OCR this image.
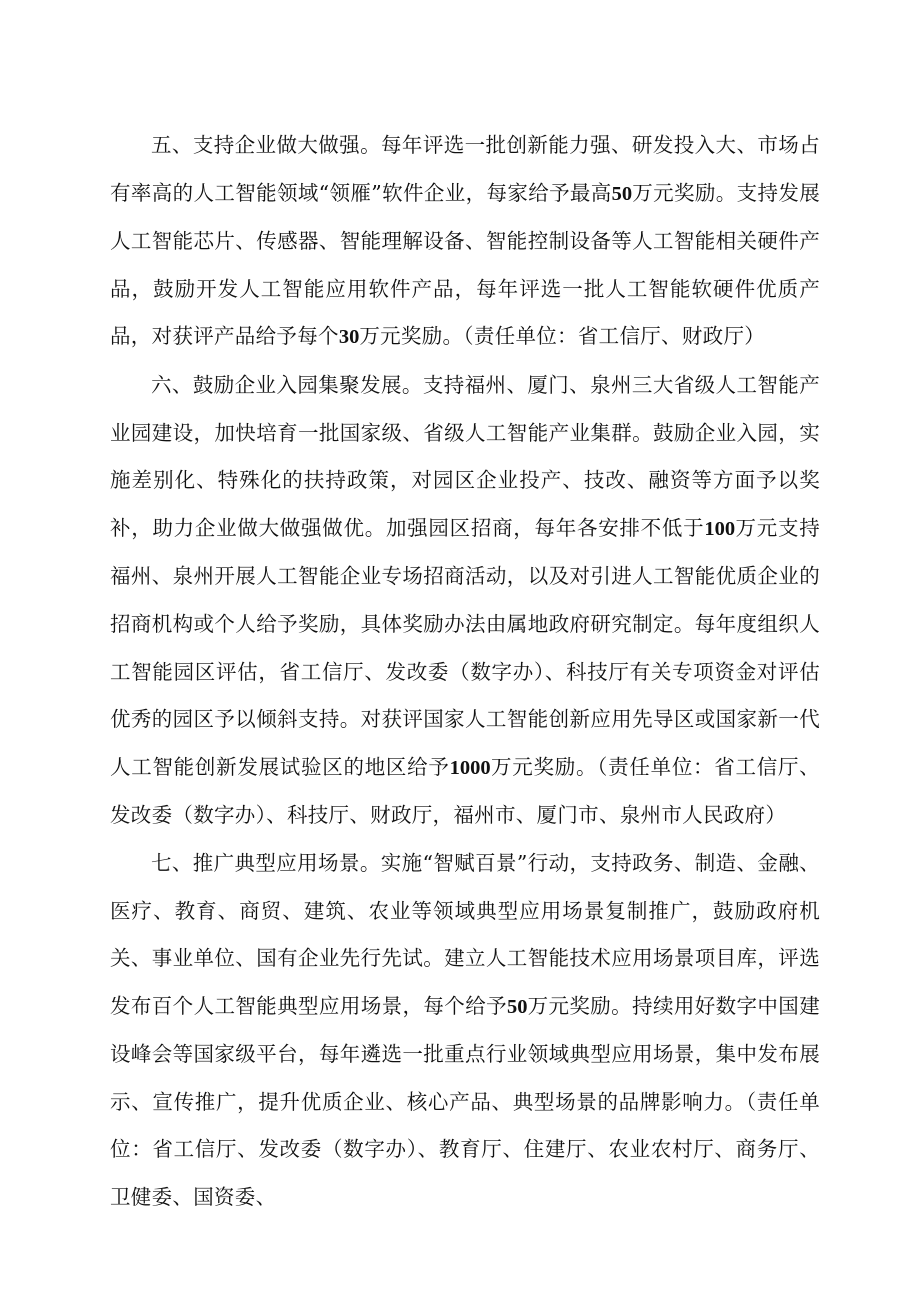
五、支持企业做大做强。每年评选一批创新能力强、研发投入大、市场占有率高的人工智能领域“领雁”软件企业，每家给予最高50万元奖励。支持发展人工智能芯片、传感器、智能理解设备、智能控制设备等人工智能相关硬件产品，鼓励开发人工智能应用软件产品，每年评选一批人工智能软硬件优质产品，对获评产品给予每个30万元奖励。（责任单位：省工信厅、财政厅）

六、鼓励企业入园集聚发展。支持福州、厦门、泉州三大省级人工智能产业园建设，加快培育一批国家级、省级人工智能产业集群。鼓励企业入园，实施差别化、特殊化的扶持政策，对园区企业投产、技改、融资等方面予以奖补，助力企业做大做强做优。加强园区招商，每年各安排不低于100万元支持福州、泉州开展人工智能企业专场招商活动，以及对引进人工智能优质企业的招商机构或个人给予奖励，具体奖励办法由属地政府研究制定。每年度组织人工智能园区评估，省工信厅、发改委（数字办）、科技厅有关专项资金对评估优秀的园区予以倾斜支持。对获评国家人工智能创新应用先导区或国家新一代人工智能创新发展试验区的地区给予1000万元奖励。（责任单位：省工信厅、发改委（数字办）、科技厅、财政厅，福州市、厦门市、泉州市人民政府）

七、推广典型应用场景。实施“智赋百景”行动，支持政务、制造、金融、医疗、教育、商贸、建筑、农业等领域典型应用场景复制推广，鼓励政府机关、事业单位、国有企业先行先试。建立人工智能技术应用场景项目库，评选发布百个人工智能典型应用场景，每个给予50万元奖励。持续用好数字中国建设峰会等国家级平台，每年遴选一批重点行业领域典型应用场景，集中发布展示、宣传推广，提升优质企业、核心产品、典型场景的品牌影响力。（责任单位：省工信厅、发改委（数字办）、教育厅、住建厅、农业农村厅、商务厅、卫健委、国资委、
